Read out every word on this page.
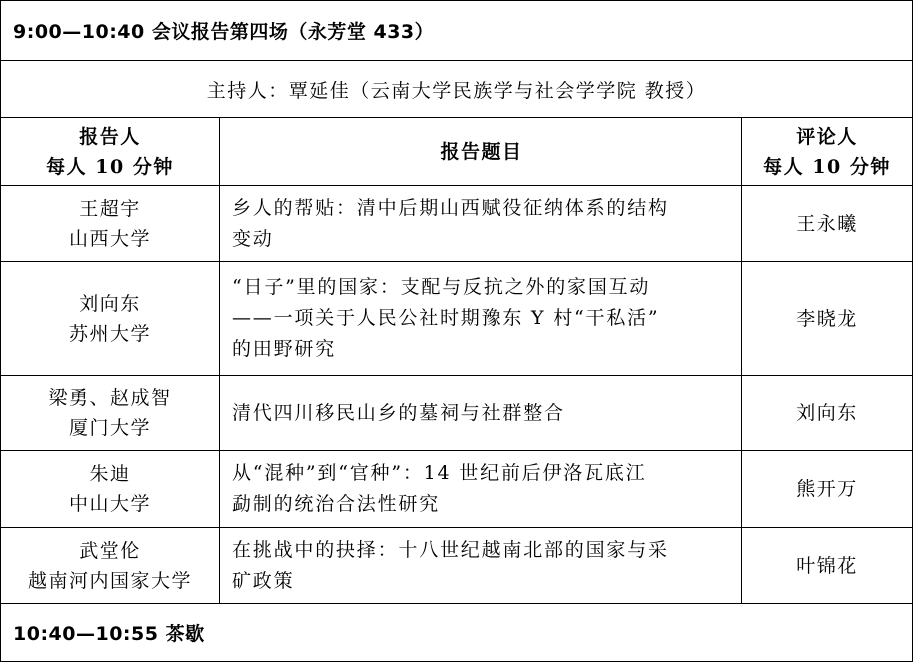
9:00—10:40 会议报告第四场（永芳堂 433）
主持人：覃延佳（云南大学民族学与社会学学院 教授）
报告人
每人 10 分钟
报告题目
评论人
每人 10 分钟
王超宇
山西大学
乡人的帮贴：清中后期山西赋役征纳体系的结构
变动
王永曦
刘向东
苏州大学
“日子”里的国家：支配与反抗之外的家国互动
——一项关于人民公社时期豫东 Y 村“干私活”
的田野研究
李晓龙
梁勇、赵成智
厦门大学
清代四川移民山乡的墓祠与社群整合	刘向东
朱迪
中山大学
从“混种”到“官种”：14 世纪前后伊洛瓦底江
勐制的统治合法性研究
熊开万
武堂伦
越南河内国家大学
在挑战中的抉择：十八世纪越南北部的国家与采
矿政策
叶锦花
10:40—10:55 茶歇
